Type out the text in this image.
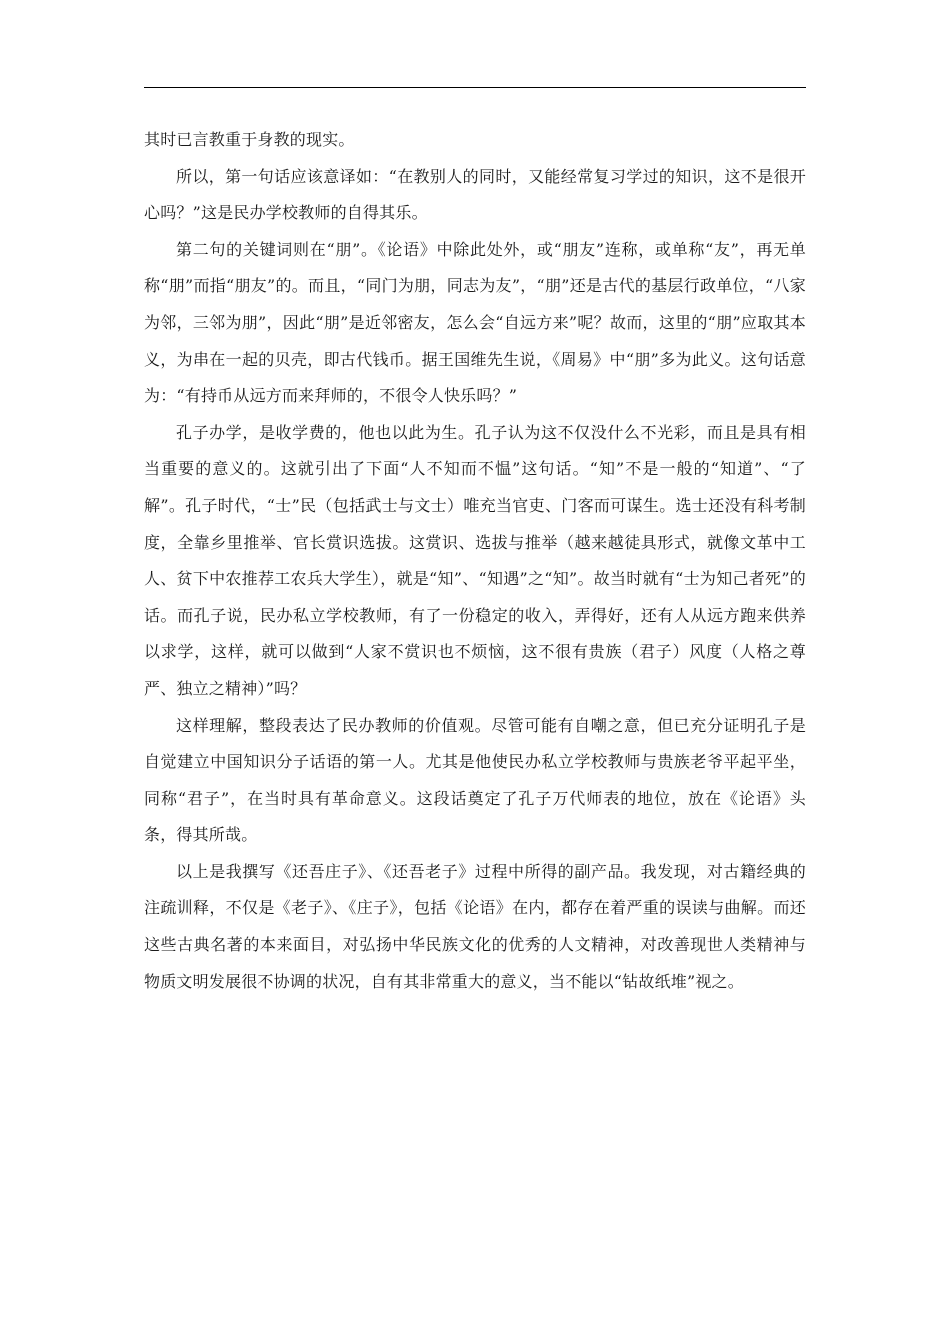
其时已言教重于身教的现实。

所以，第一句话应该意译如：“在教别人的同时，又能经常复习学过的知识，这不是很开心吗？”这是民办学校教师的自得其乐。

第二句的关键词则在“朋”。《论语》中除此处外，或“朋友”连称，或单称“友”，再无单称“朋”而指“朋友”的。而且，“同门为朋，同志为友”，“朋”还是古代的基层行政单位，“八家为邻，三邻为朋”，因此“朋”是近邻密友，怎么会“自远方来”呢？故而，这里的“朋”应取其本义，为串在一起的贝壳，即古代钱币。据王国维先生说，《周易》中“朋”多为此义。这句话意为：“有持币从远方而来拜师的，不很令人快乐吗？”

孔子办学，是收学费的，他也以此为生。孔子认为这不仅没什么不光彩，而且是具有相当重要的意义的。这就引出了下面“人不知而不愠”这句话。“知”不是一般的“知道”、“了解”。孔子时代，“士”民（包括武士与文士）唯充当官吏、门客而可谋生。选士还没有科考制度，全靠乡里推举、官长赏识选拔。这赏识、选拔与推举（越来越徒具形式，就像文革中工人、贫下中农推荐工农兵大学生），就是“知”、“知遇”之“知”。故当时就有“士为知己者死”的话。而孔子说，民办私立学校教师，有了一份稳定的收入，弄得好，还有人从远方跑来供养以求学，这样，就可以做到“人家不赏识也不烦恼，这不很有贵族（君子）风度（人格之尊严、独立之精神）”吗？

这样理解，整段表达了民办教师的价值观。尽管可能有自嘲之意，但已充分证明孔子是自觉建立中国知识分子话语的第一人。尤其是他使民办私立学校教师与贵族老爷平起平坐，同称“君子”，在当时具有革命意义。这段话奠定了孔子万代师表的地位，放在《论语》头条，得其所哉。

以上是我撰写《还吾庄子》、《还吾老子》过程中所得的副产品。我发现，对古籍经典的注疏训释，不仅是《老子》、《庄子》，包括《论语》在内，都存在着严重的误读与曲解。而还这些古典名著的本来面目，对弘扬中华民族文化的优秀的人文精神，对改善现世人类精神与物质文明发展很不协调的状况，自有其非常重大的意义，当不能以“钻故纸堆”视之。
